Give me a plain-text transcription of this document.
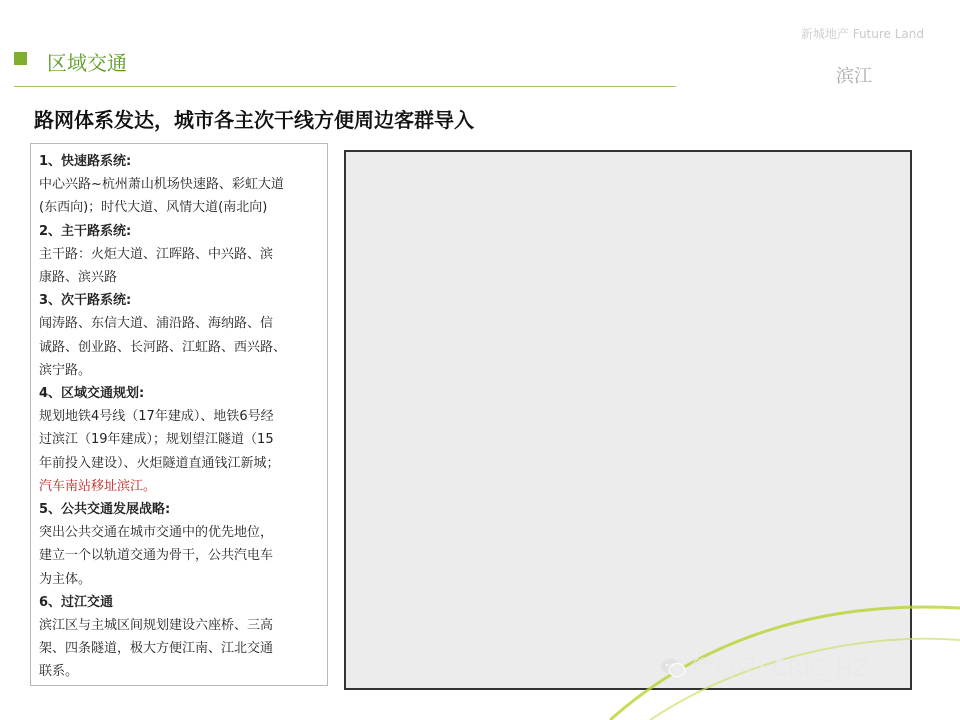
新城地产 Future Land
区域交通
滨江
路网体系发达，城市各主次干线方便周边客群导入
1、快速路系统:
中心兴路~杭州萧山机场快速路、彩虹大道
(东西向)；时代大道、风情大道(南北向)
2、主干路系统:
主干路：火炬大道、江晖路、中兴路、滨
康路、滨兴路
3、次干路系统:
闻涛路、东信大道、浦沿路、海纳路、信
诚路、创业路、长河路、江虹路、西兴路、
滨宁路。
4、区域交通规划:
规划地铁4号线（17年建成）、地铁6号经
过滨江（19年建成）；规划望江隧道（15
年前投入建设）、火炬隧道直通钱江新城；
汽车南站移址滨江。
5、公共交通发展战略:
突出公共交通在城市交通中的优先地位，
建立一个以轨道交通为骨干，公共汽电车
为主体。
6、过江交通
滨江区与主城区间规划建设六座桥、三高
架、四条隧道，极大方便江南、江北交通
联系。	微信号: CRIC_HZ
